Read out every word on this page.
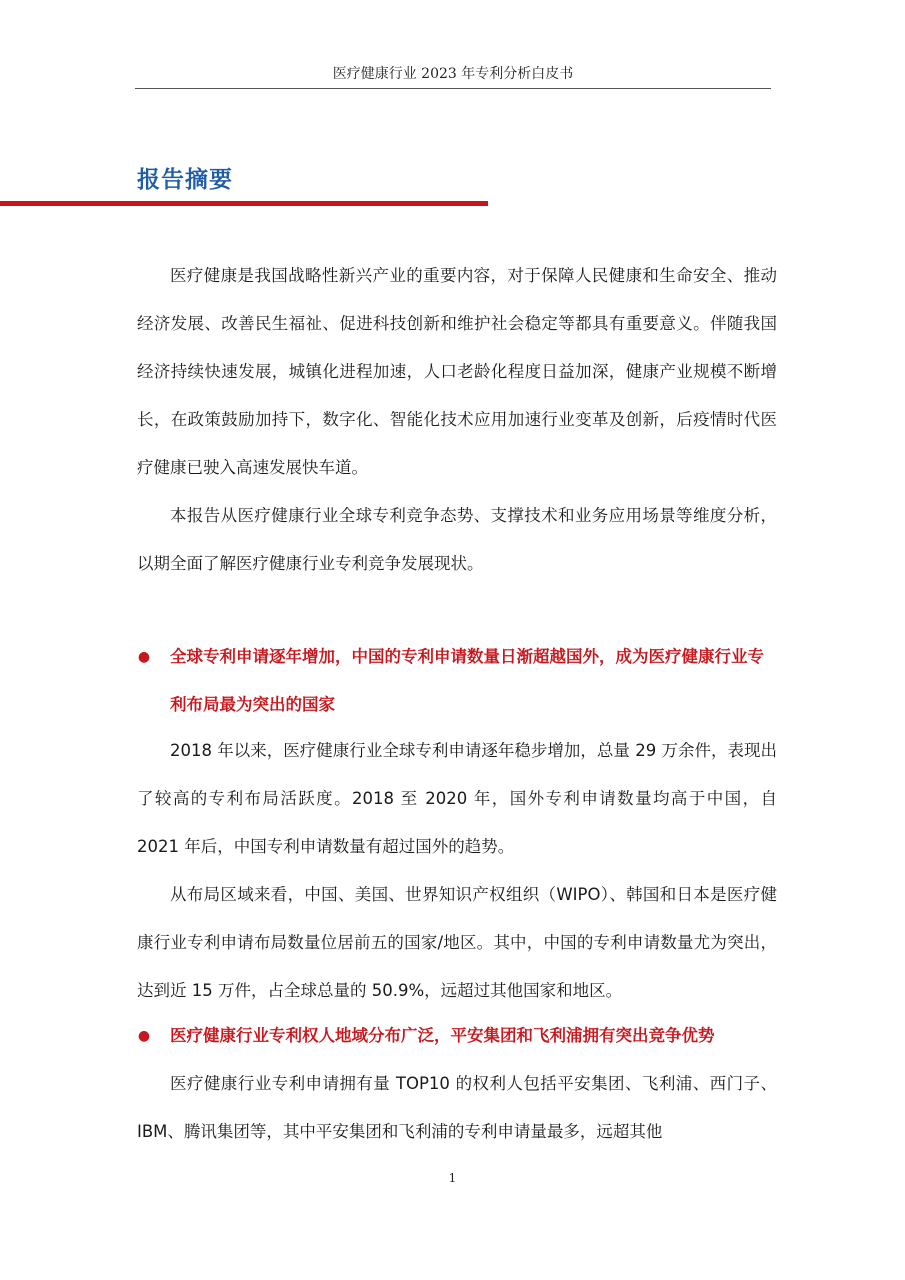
医疗健康行业 2023 年专利分析白皮书
报告摘要

医疗健康是我国战略性新兴产业的重要内容，对于保障人民健康和生命安全、推动经济发展、改善民生福祉、促进科技创新和维护社会稳定等都具有重要意义。伴随我国经济持续快速发展，城镇化进程加速，人口老龄化程度日益加深，健康产业规模不断增长，在政策鼓励加持下，数字化、智能化技术应用加速行业变革及创新，后疫情时代医疗健康已驶入高速发展快车道。

本报告从医疗健康行业全球专利竞争态势、支撑技术和业务应用场景等维度分析，以期全面了解医疗健康行业专利竞争发展现状。

●	全球专利申请逐年增加，中国的专利申请数量日渐超越国外，成为医疗健康行业专利布局最为突出的国家

2018 年以来，医疗健康行业全球专利申请逐年稳步增加，总量 29 万余件，表现出了较高的专利布局活跃度。2018 至 2020 年，国外专利申请数量均高于中国，自 2021 年后，中国专利申请数量有超过国外的趋势。

从布局区域来看，中国、美国、世界知识产权组织（WIPO）、韩国和日本是医疗健康行业专利申请布局数量位居前五的国家/地区。其中，中国的专利申请数量尤为突出，达到近 15 万件，占全球总量的 50.9%，远超过其他国家和地区。

●	医疗健康行业专利权人地域分布广泛，平安集团和飞利浦拥有突出竞争优势

医疗健康行业专利申请拥有量 TOP10 的权利人包括平安集团、飞利浦、西门子、IBM、腾讯集团等，其中平安集团和飞利浦的专利申请量最多，远超其他

1
